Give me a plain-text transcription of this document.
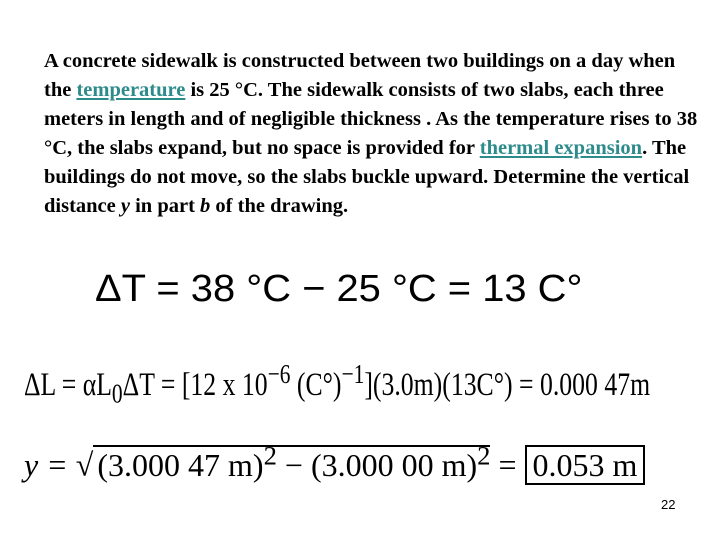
A concrete sidewalk is constructed between two buildings on a day when the temperature is 25 °C. The sidewalk consists of two slabs, each three meters in length and of negligible thickness . As the temperature rises to 38 °C, the slabs expand, but no space is provided for thermal expansion. The buildings do not move, so the slabs buckle upward. Determine the vertical distance y in part b of the drawing.
ΔT = 38 °C − 25 °C = 13 C°
$\Delta L = \alpha L_0\Delta T = [12$ x $10^{-6}$ $(C^\circ)^{-1}](3.0m)(13C^\circ) = 0.000$ 47m
y = √ (3.000 47 m)$^2$ − (3.000 00 m)$^2$ = 0.053 m
22
